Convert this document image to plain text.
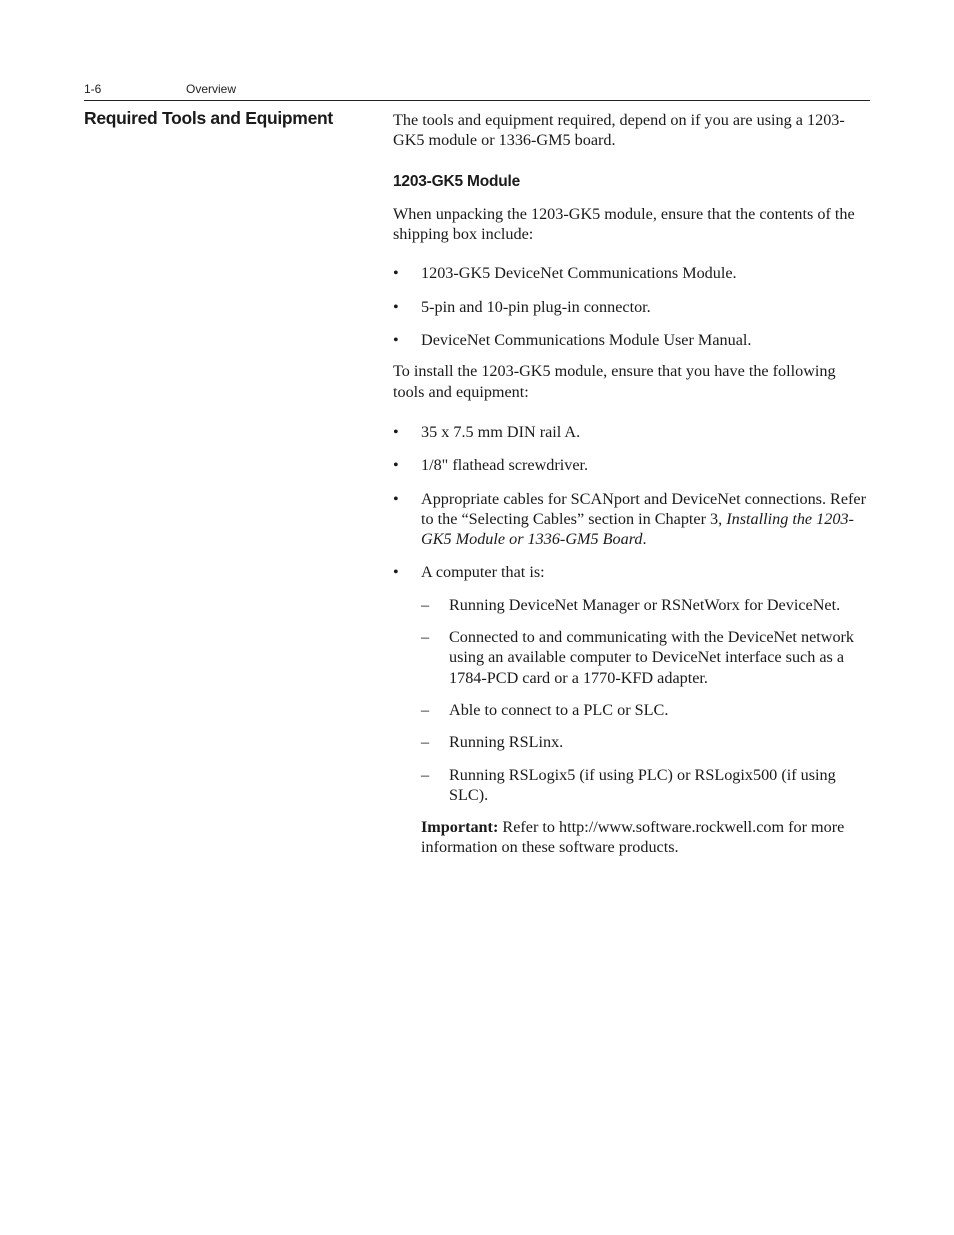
1-6	Overview
Required Tools and Equipment	The tools and equipment required, depend on if you are using a 1203-GK5 module or 1336-GM5 board.

1203-GK5 Module

When unpacking the 1203-GK5 module, ensure that the contents of the shipping box include:

• 1203-GK5 DeviceNet Communications Module.
• 5-pin and 10-pin plug-in connector.
• DeviceNet Communications Module User Manual.

To install the 1203-GK5 module, ensure that you have the following tools and equipment:

• 35 x 7.5 mm DIN rail A.
• 1/8" flathead screwdriver.
• Appropriate cables for SCANport and DeviceNet connections. Refer to the “Selecting Cables” section in Chapter 3, Installing the 1203-GK5 Module or 1336-GM5 Board.
• A computer that is:
– Running DeviceNet Manager or RSNetWorx for DeviceNet.
– Connected to and communicating with the DeviceNet network using an available computer to DeviceNet interface such as a 1784-PCD card or a 1770-KFD adapter.
– Able to connect to a PLC or SLC.
– Running RSLinx.
– Running RSLogix5 (if using PLC) or RSLogix500 (if using SLC).

Important: Refer to http://www.software.rockwell.com for more information on these software products.
